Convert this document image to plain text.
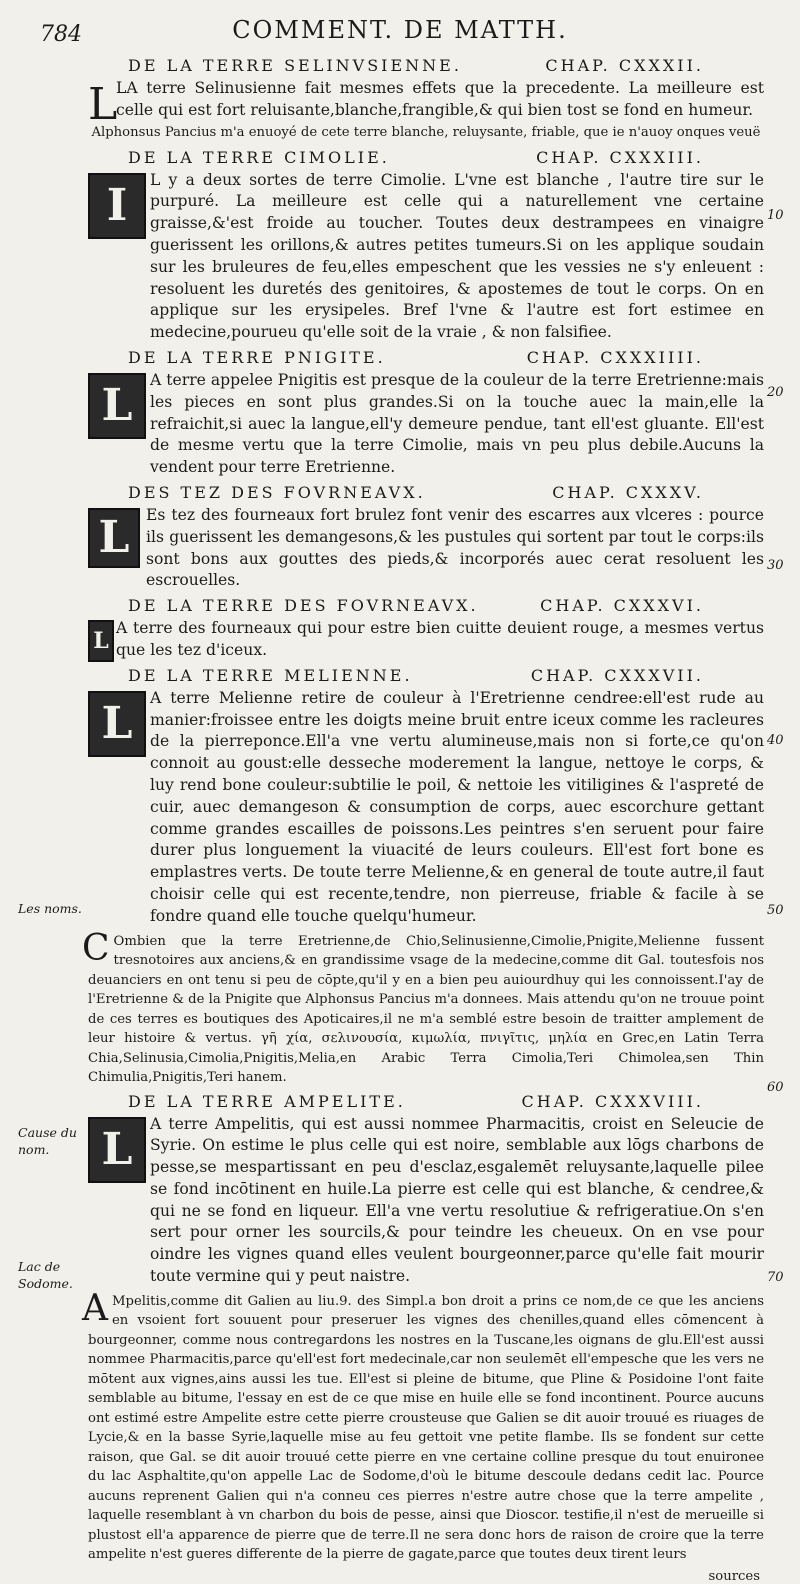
784	COMMENT. DE MATTH.
10
20
30
40
50
60
70
Les noms.
Cause du nom.
Lac de Sodome.
DE LA TERRE SELINVSIENNE.	CHAP. CXXXII.
L

LA terre Selinusienne fait mesmes effets que la precedente. La meilleure est celle qui est fort reluisante,blanche,frangible,& qui bien tost se fond en humeur.

Alphonsus Pancius m'a enuoyé de cete terre blanche, reluysante, friable, que ie n'auoy onques veuë
DE LA TERRE CIMOLIE.	CHAP. CXXXIII.
I	L y a deux sortes de terre Cimolie. L'vne est blanche , l'autre tire sur le purpuré. La meilleure est celle qui a naturellement vne certaine graisse,&'est froide au toucher. Toutes deux destrampees en vinaigre guerissent les orillons,& autres petites tumeurs.Si on les applique soudain sur les bruleures de feu,elles empeschent que les vessies ne s'y enleuent : resoluent les duretés des genitoires, & apostemes de tout le corps. On en applique sur les erysipeles. Bref l'vne & l'autre est fort estimee en medecine,pourueu qu'elle soit de la vraie , & non falsifiee.

DE LA TERRE PNIGITE.	CHAP. CXXXIIII.
L	A terre appelee Pnigitis est presque de la couleur de la terre Eretrienne:mais les pieces en sont plus grandes.Si on la touche auec la main,elle la refraichit,si auec la langue,ell'y demeure pendue, tant ell'est gluante. Ell'est de mesme vertu que la terre Cimolie, mais vn peu plus debile.Aucuns la vendent pour terre Eretrienne.

DES TEZ DES FOVRNEAVX.	CHAP. CXXXV.
L	Es tez des fourneaux fort brulez font venir des escarres aux vlceres : pource ils guerissent les demangesons,& les pustules qui sortent par tout le corps:ils sont bons aux gouttes des pieds,& incorporés auec cerat resoluent les escrouelles.

DE LA TERRE DES FOVRNEAVX.	CHAP. CXXXVI.
L A terre des fourneaux qui pour estre bien cuitte deuient rouge, a mesmes vertus que les tez d'iceux.

DE LA TERRE MELIENNE.	CHAP. CXXXVII.
L	A terre Melienne retire de couleur à l'Eretrienne cendree:ell'est rude au manier:froissee entre les doigts meine bruit entre iceux comme les racleures de la pierreponce.Ell'a vne vertu alumineuse,mais non si forte,ce qu'on connoit au goust:elle desseche moderement la langue, nettoye le corps, & luy rend bone couleur:subtilie le poil, & nettoie les vitiligines & l'aspreté de cuir, auec demangeson & consumption de corps, auec escorchure gettant comme grandes escailles de poissons.Les peintres s'en seruent pour faire durer plus longuement la viuacité de leurs couleurs. Ell'est fort bone es emplastres verts. De toute terre Melienne,& en general de toute autre,il faut choisir celle qui est recente,tendre, non pierreuse, friable & facile à se fondre quand elle touche quelqu'humeur.

C Ombien que la terre Eretrienne,de Chio,Selinusienne,Cimolie,Pnigite,Melienne fussent tresnotoires aux anciens,& en grandissime vsage de la medecine,comme dit Gal. toutesfois nos deuanciers en ont tenu si peu de cōpte,qu'il y en a bien peu auiourdhuy qui les connoissent.I'ay de l'Eretrienne & de la Pnigite que Alphonsus Pancius m'a donnees. Mais attendu qu'on ne trouue point de ces terres es boutiques des Apoticaires,il ne m'a semblé estre besoin de traitter amplement de leur histoire & vertus. γῆ χία, σελινουσία, κιμωλία, πνιγῖτις, μηλία en Grec,en Latin Terra Chia,Selinusia,Cimolia,Pnigitis,Melia,en Arabic Terra Cimolia,Teri Chimolea,sen Thin Chimulia,Pnigitis,Teri hanem.
DE LA TERRE AMPELITE.	CHAP. CXXXVIII.
L	A terre Ampelitis, qui est aussi nommee Pharmacitis, croist en Seleucie de Syrie. On estime le plus celle qui est noire, semblable aux lōgs charbons de pesse,se mespartissant en peu d'esclaz,esgalemēt reluysante,laquelle pilee se fond incōtinent en huile.La pierre est celle qui est blanche, & cendree,& qui ne se fond en liqueur. Ell'a vne vertu resolutiue & refrigeratiue.On s'en sert pour orner les sourcils,& pour teindre les cheueux. On en vse pour oindre les vignes quand elles veulent bourgeonner,parce qu'elle fait mourir toute vermine qui y peut naistre.

A Mpelitis,comme dit Galien au liu.9. des Simpl.a bon droit a prins ce nom,de ce que les anciens en vsoient fort souuent pour preseruer les vignes des chenilles,quand elles cōmencent à bourgeonner, comme nous contregardons les nostres en la Tuscane,les oignans de glu.Ell'est aussi nommee Pharmacitis,parce qu'ell'est fort medecinale,car non seulemēt ell'empesche que les vers ne mōtent aux vignes,ains aussi les tue. Ell'est si pleine de bitume, que Pline & Posidoine l'ont faite semblable au bitume, l'essay en est de ce que mise en huile elle se fond incontinent. Pource aucuns ont estimé estre Ampelite estre cette pierre crousteuse que Galien se dit auoir trouué es riuages de Lycie,& en la basse Syrie,laquelle mise au feu gettoit vne petite flambe. Ils se fondent sur cette raison, que Gal. se dit auoir trouué cette pierre en vne certaine colline presque du tout enuironee du lac Asphaltite,qu'on appelle Lac de Sodome,d'où le bitume descoule dedans cedit lac. Pource aucuns reprenent Galien qui n'a conneu ces pierres n'estre autre chose que la terre ampelite , laquelle resemblant à vn charbon du bois de pesse, ainsi que Dioscor. testifie,il n'est de merueille si plustost ell'a apparence de pierre que de terre.Il ne sera donc hors de raison de croire que la terre ampelite n'est gueres differente de la pierre de gagate,parce que toutes deux tirent leurs
sources
